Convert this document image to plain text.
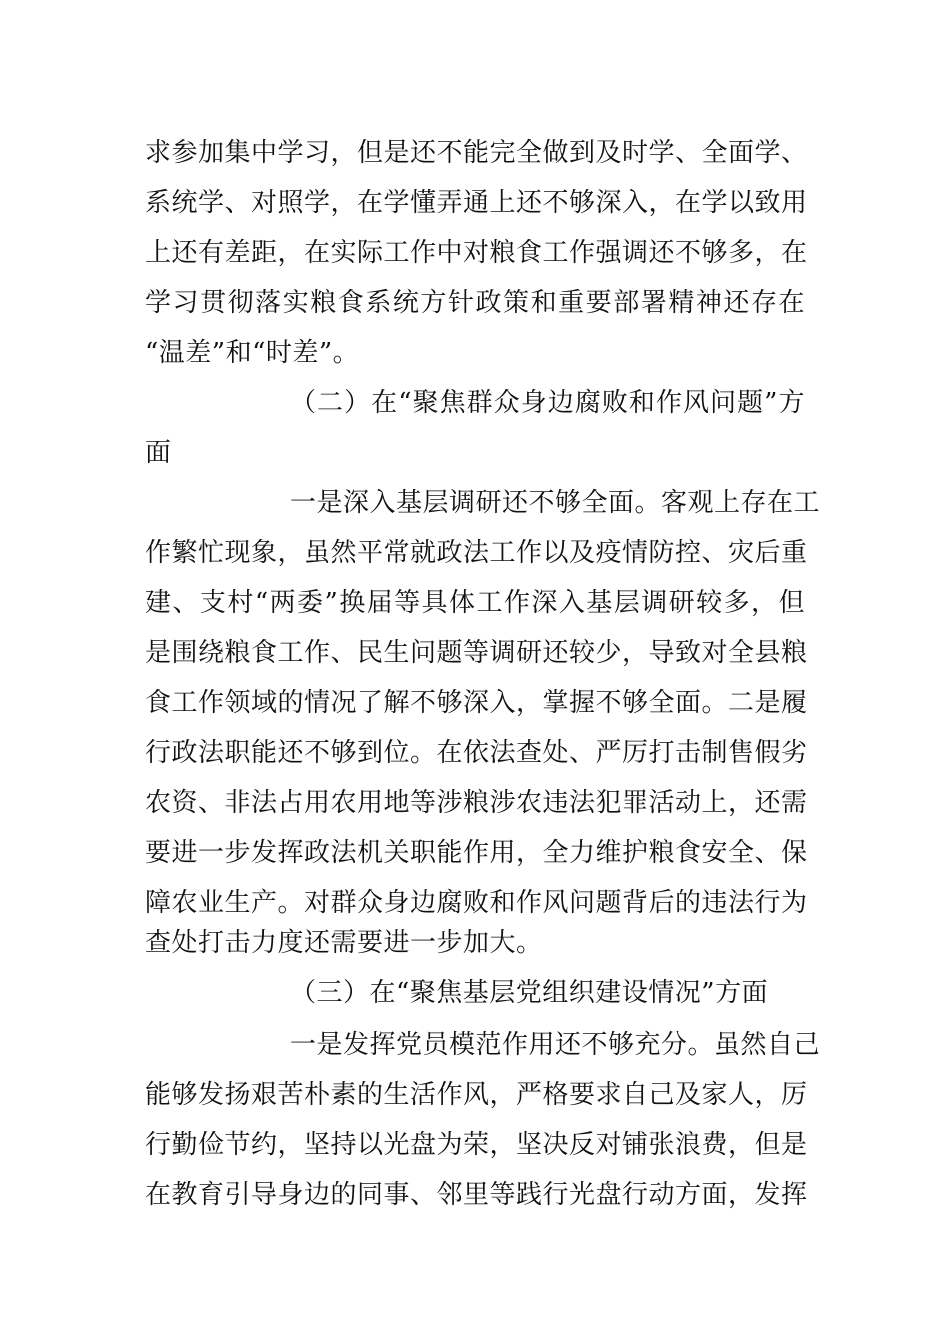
求参加集中学习，但是还不能完全做到及时学、全面学、
系统学、对照学，在学懂弄通上还不够深入，在学以致用
上还有差距，在实际工作中对粮食工作强调还不够多，在
学习贯彻落实粮食系统方针政策和重要部署精神还存在
“温差”和“时差”。
（二）在“聚焦群众身边腐败和作风问题”方
面
一是深入基层调研还不够全面。客观上存在工
作繁忙现象，虽然平常就政法工作以及疫情防控、灾后重
建、支村“两委”换届等具体工作深入基层调研较多，但
是围绕粮食工作、民生问题等调研还较少，导致对全县粮
食工作领域的情况了解不够深入，掌握不够全面。二是履
行政法职能还不够到位。在依法查处、严厉打击制售假劣
农资、非法占用农用地等涉粮涉农违法犯罪活动上，还需
要进一步发挥政法机关职能作用，全力维护粮食安全、保
障农业生产。对群众身边腐败和作风问题背后的违法行为
查处打击力度还需要进一步加大。
（三）在“聚焦基层党组织建设情况”方面
一是发挥党员模范作用还不够充分。虽然自己
能够发扬艰苦朴素的生活作风，严格要求自己及家人，厉
行勤俭节约，坚持以光盘为荣，坚决反对铺张浪费，但是
在教育引导身边的同事、邻里等践行光盘行动方面，发挥
